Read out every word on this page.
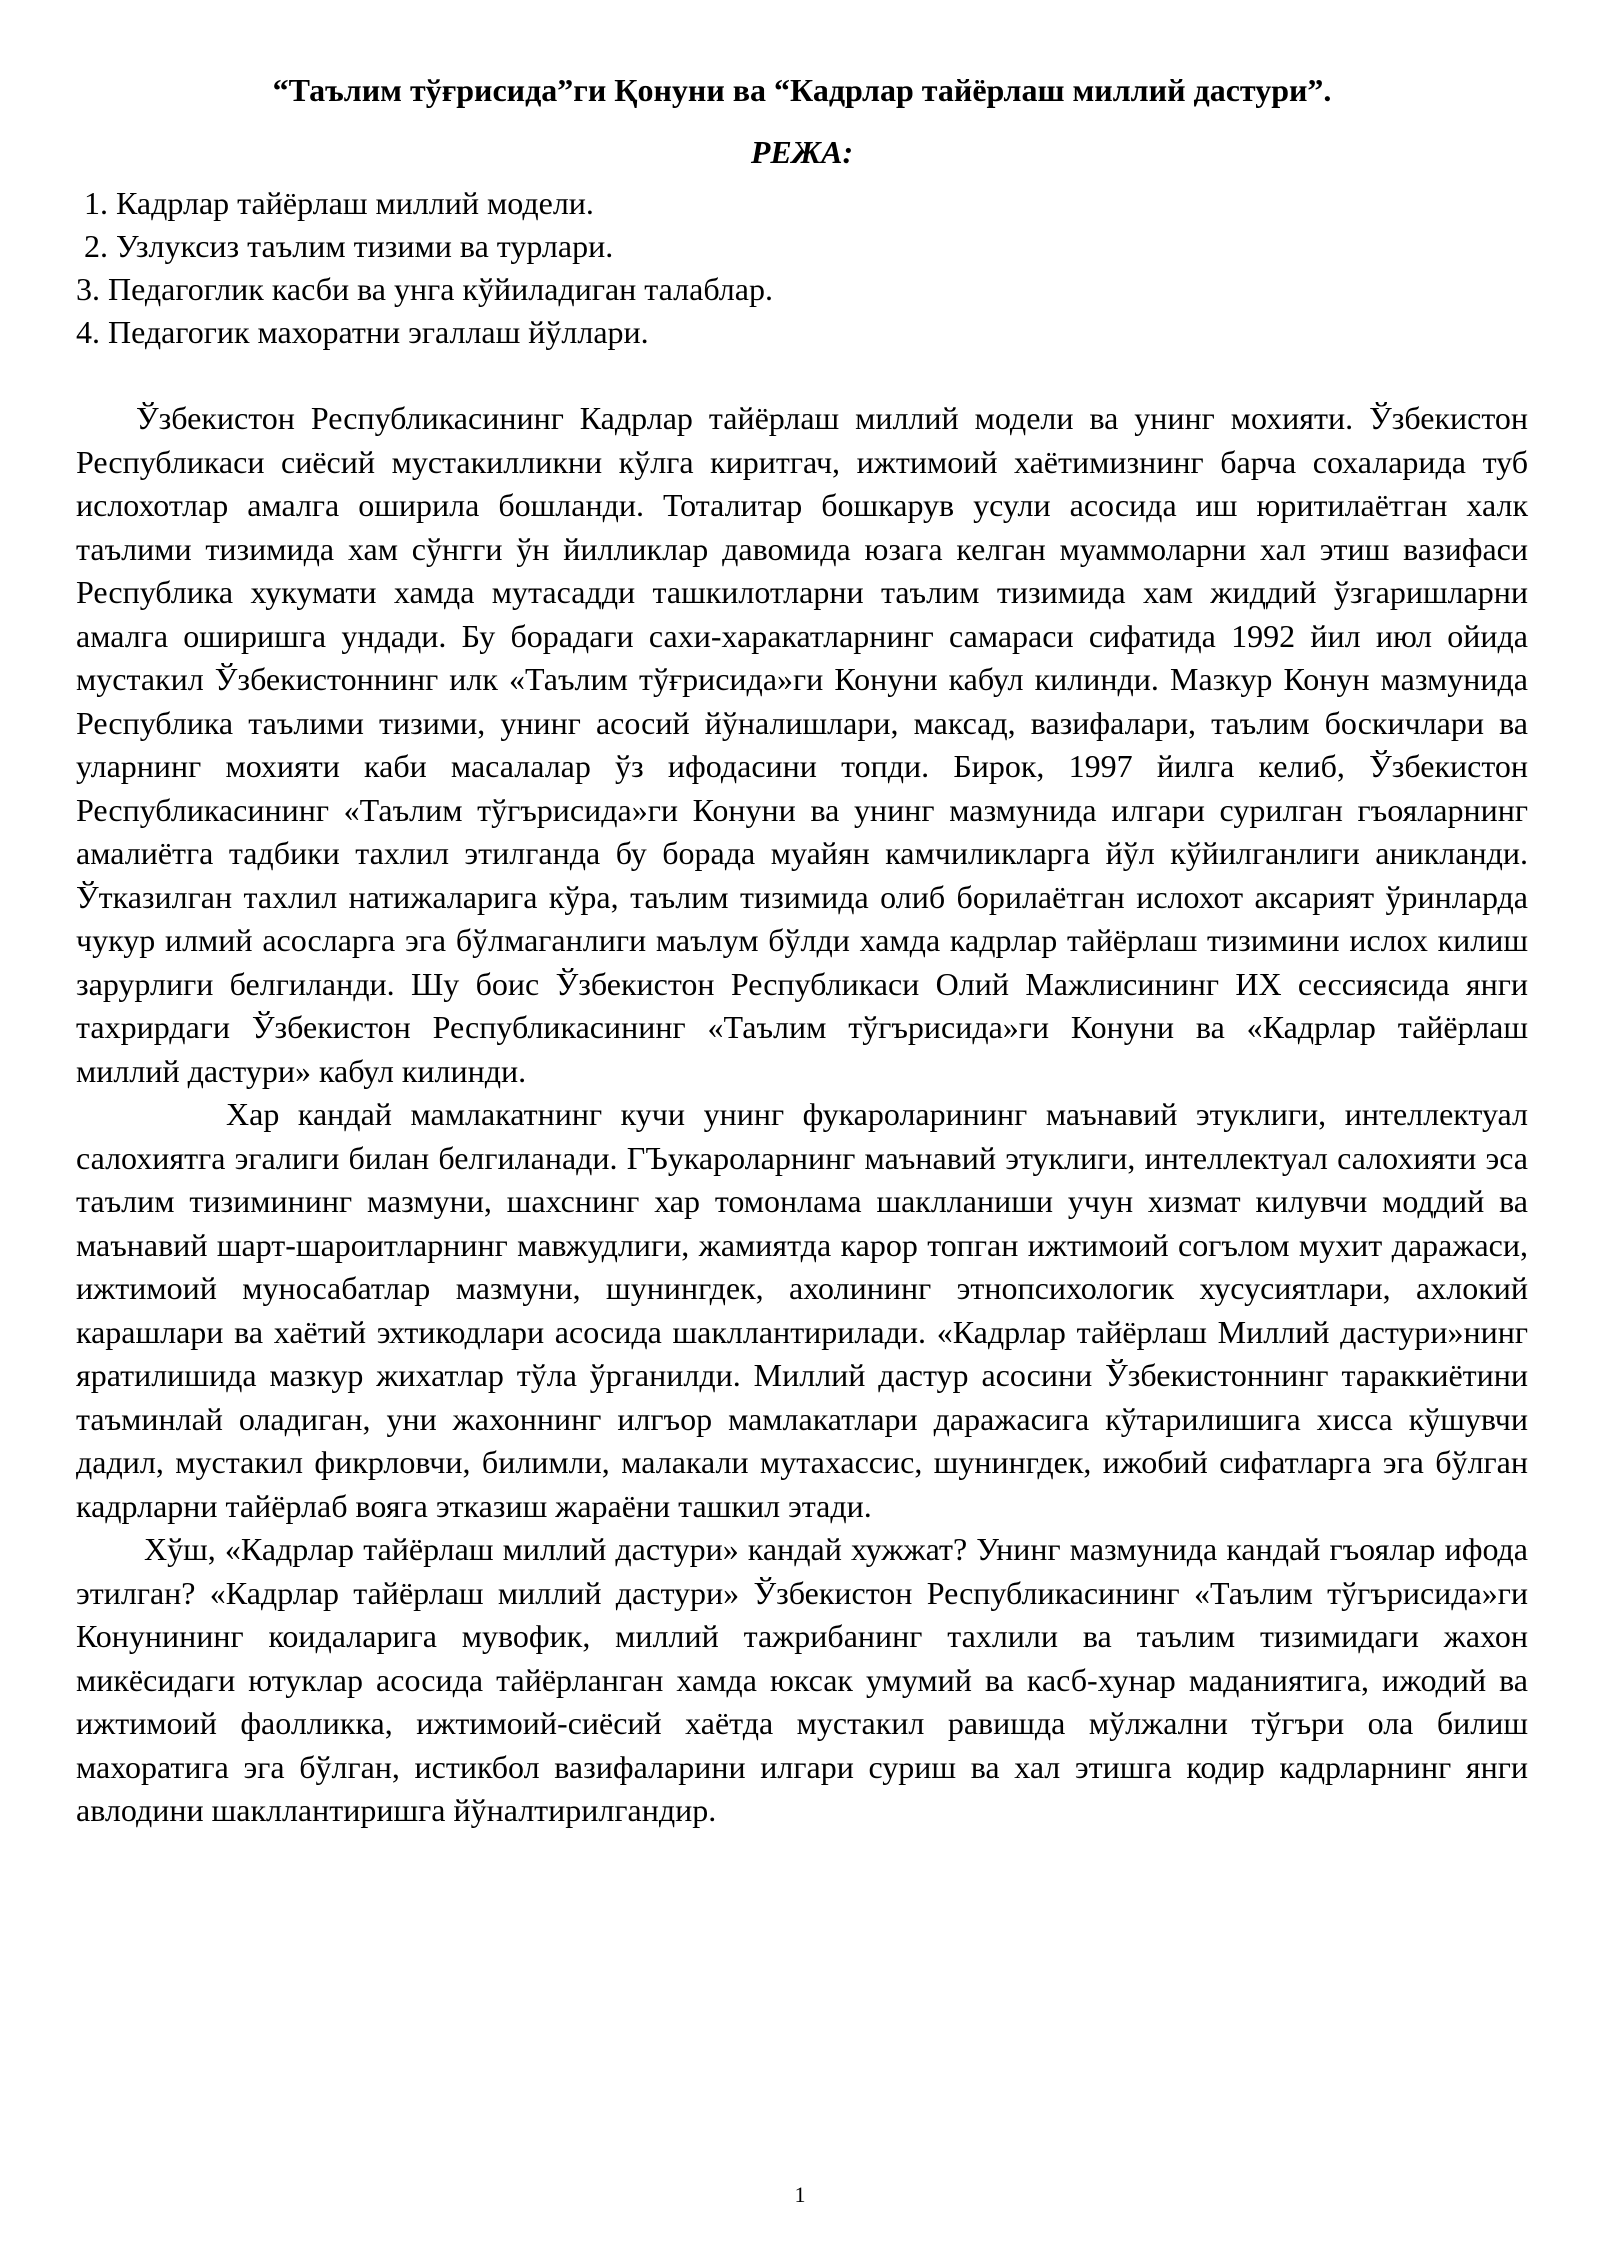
“Таълим тўғрисида”ги Қонуни ва “Кадрлар тайёрлаш миллий дастури”.
РЕЖА:
1. Кадрлар тайёрлаш миллий модели.
2. Узлуксиз таълим тизими ва турлари.
3. Педагоглик касби ва унга кўйиладиган талаблар.
4. Педагогик махоратни эгаллаш йўллари.

Ўзбекистон Республикасининг Кадрлар тайёрлаш миллий модели ва унинг мохияти. Ўзбекистон Республикаси сиёсий мустакилликни кўлга киритгач, ижтимоий хаётимизнинг барча сохаларида туб ислохотлар амалга оширила бошланди. Тоталитар бошкарув усули асосида иш юритилаётган халк таълими тизимида хам сўнгги ўн йилликлар давомида юзага келган муаммоларни хал этиш вазифаси Республика хукумати хамда мутасадди ташкилотларни таълим тизимида хам жиддий ўзгаришларни амалга оширишга ундади. Бу борадаги сахи-харакатларнинг самараси сифатида 1992 йил июл ойида мустакил Ўзбекистоннинг илк «Таълим тўғрисида»ги Конуни кабул килинди. Мазкур Конун мазмунида Республика таълими тизими, унинг асосий йўналишлари, максад, вазифалари, таълим боскичлари ва уларнинг мохияти каби масалалар ўз ифодасини топди. Бирок, 1997 йилга келиб, Ўзбекистон Республикасининг «Таълим тўгърисида»ги Конуни ва унинг мазмунида илгари сурилган гъояларнинг амалиётга тадбики тахлил этилганда бу борада муайян камчиликларга йўл кўйилганлиги аникланди. Ўтказилган тахлил натижаларига кўра, таълим тизимида олиб борилаётган ислохот аксарият ўринларда чукур илмий асосларга эга бўлмаганлиги маълум бўлди хамда кадрлар тайёрлаш тизимини ислох килиш зарурлиги белгиланди. Шу боис Ўзбекистон Республикаси Олий Мажлисининг ИХ сессиясида янги тахрирдаги Ўзбекистон Республикасининг «Таълим тўгърисида»ги Конуни ва «Кадрлар тайёрлаш миллий дастури» кабул килинди.

Хар кандай мамлакатнинг кучи унинг фукароларининг маънавий этуклиги, интеллектуал салохиятга эгалиги билан белгиланади. ГЪукароларнинг маънавий этуклиги, интеллектуал салохияти эса таълим тизимининг мазмуни, шахснинг хар томонлама шаклланиши учун хизмат килувчи моддий ва маънавий шарт-шароитларнинг мавжудлиги, жамиятда карор топган ижтимоий согълом мухит даражаси, ижтимоий муносабатлар мазмуни, шунингдек, ахолининг этнопсихологик хусусиятлари, ахлокий карашлари ва хаётий эхтикодлари асосида шакллантирилади. «Кадрлар тайёрлаш Миллий дастури»нинг яратилишида мазкур жихатлар тўла ўрганилди. Миллий дастур асосини Ўзбекистоннинг тараккиётини таъминлай оладиган, уни жахоннинг илгъор мамлакатлари даражасига кўтарилишига хисса кўшувчи дадил, мустакил фикрловчи, билимли, малакали мутахассис, шунингдек, ижобий сифатларга эга бўлган кадрларни тайёрлаб вояга этказиш жараёни ташкил этади.

Хўш, «Кадрлар тайёрлаш миллий дастури» кандай хужжат? Унинг мазмунида кандай гъоялар ифода этилган? «Кадрлар тайёрлаш миллий дастури» Ўзбекистон Республикасининг «Таълим тўгърисида»ги Конунининг коидаларига мувофик, миллий тажрибанинг тахлили ва таълим тизимидаги жахон микёсидаги ютуклар асосида тайёрланган хамда юксак умумий ва касб-хунар маданиятига, ижодий ва ижтимоий фаолликка, ижтимоий-сиёсий хаётда мустакил равишда мўлжални тўгъри ола билиш махоратига эга бўлган, истикбол вазифаларини илгари суриш ва хал этишга кодир кадрларнинг янги авлодини шакллантиришга йўналтирилгандир.

1
